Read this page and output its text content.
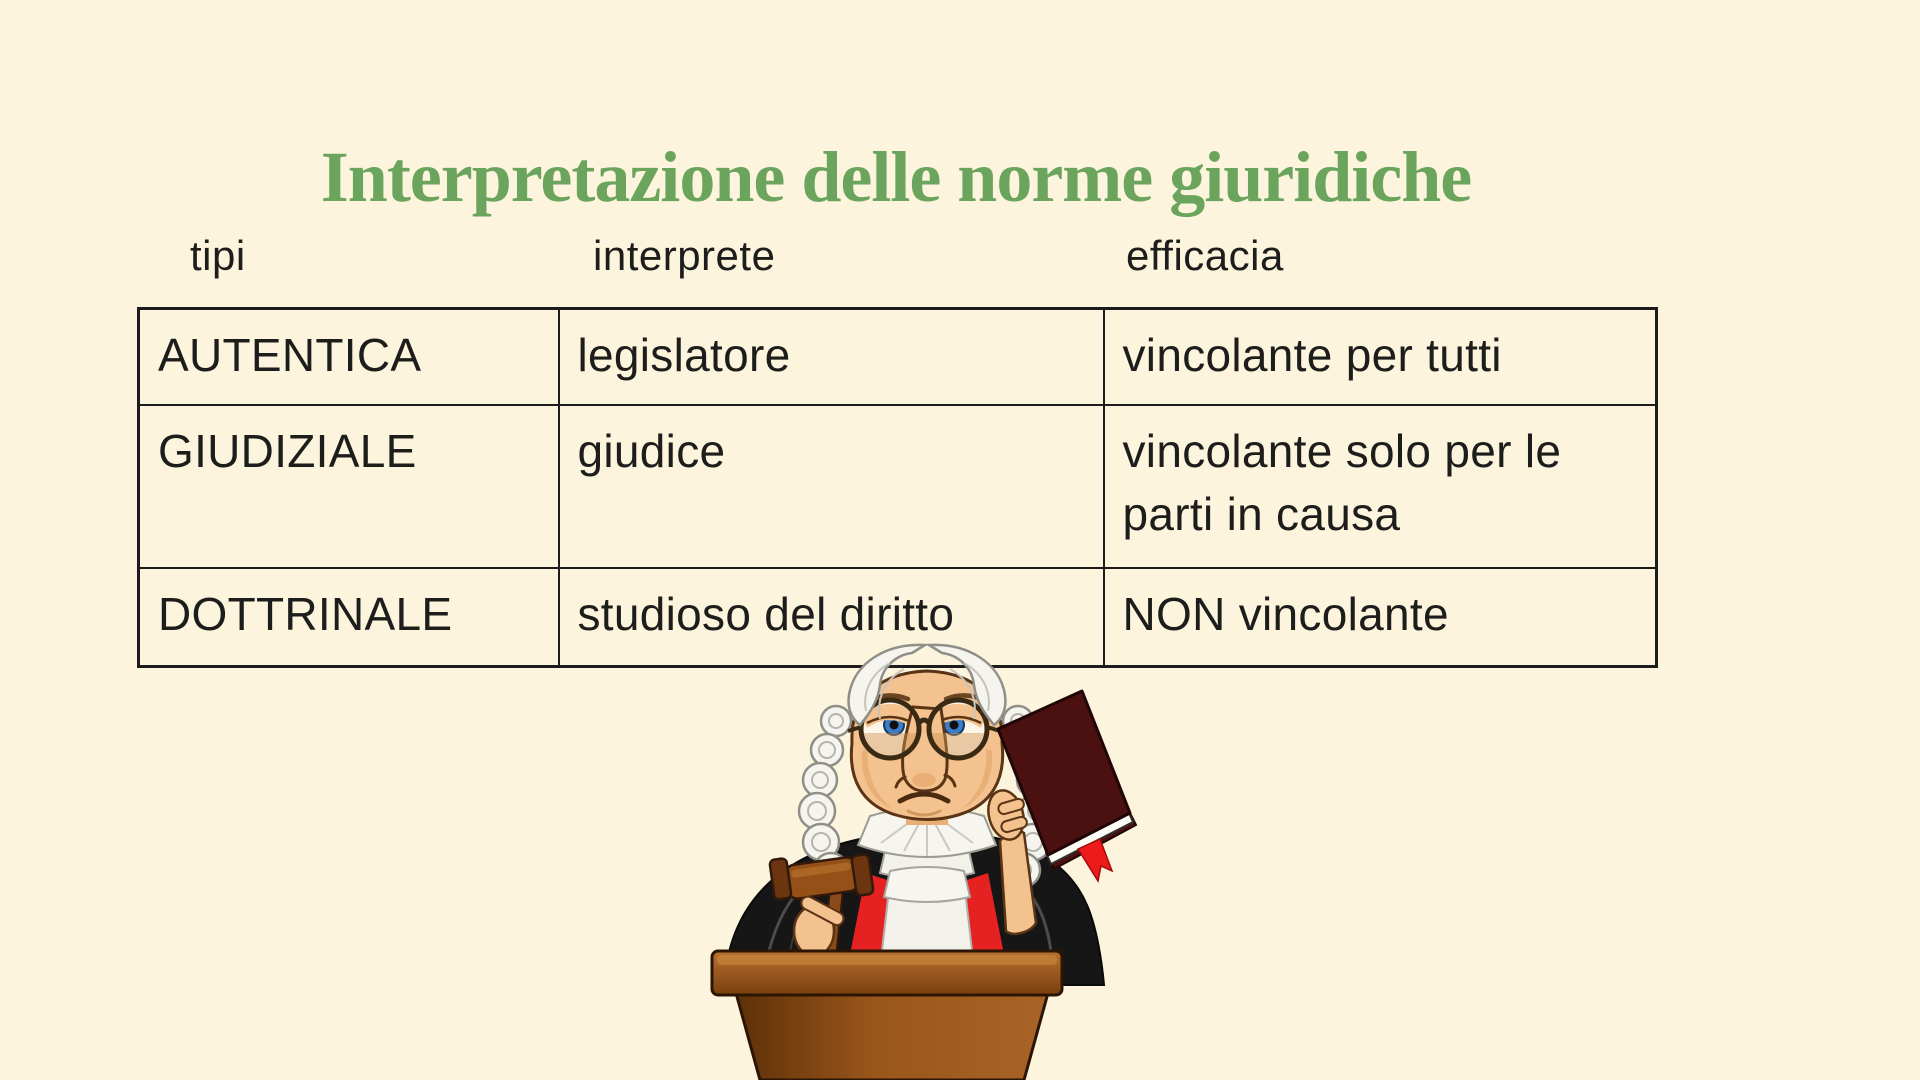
Interpretazione delle norme giuridiche
tipi	interprete	efficacia
AUTENTICA	legislatore	vincolante per tutti
GIUDIZIALE	giudice	vincolante solo per le parti in causa
DOTTRINALE	studioso del diritto	NON vincolante
